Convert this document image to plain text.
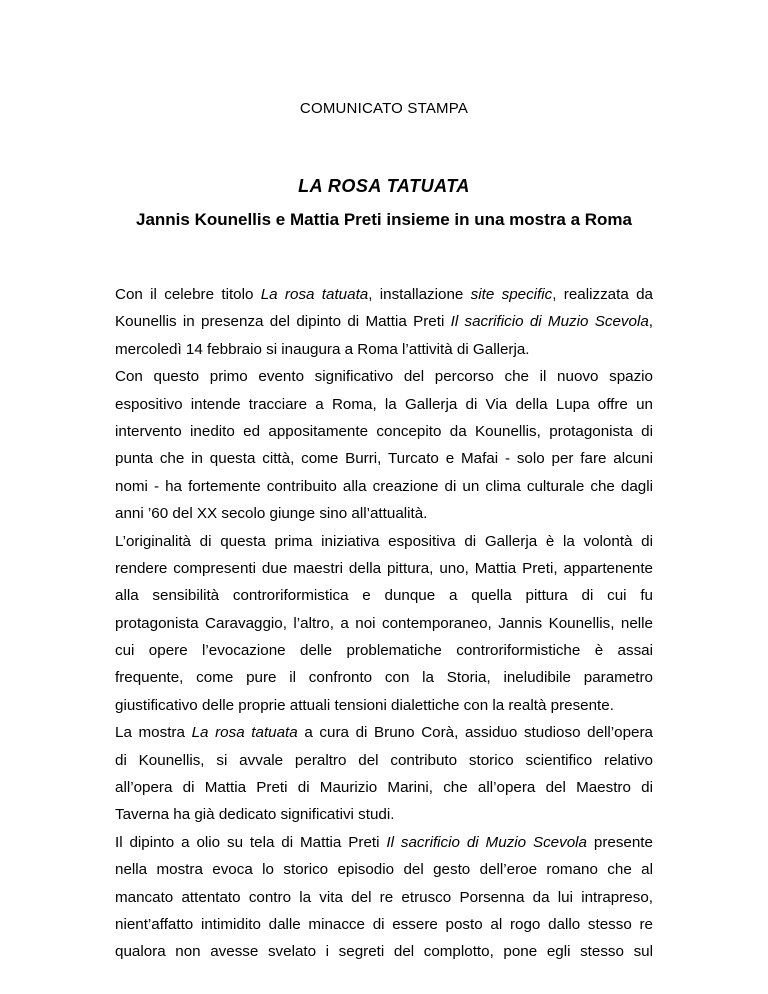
COMUNICATO STAMPA
LA ROSA TATUATA
Jannis Kounellis e Mattia Preti insieme in una mostra a Roma
Con il celebre titolo La rosa tatuata, installazione site specific, realizzata da
Kounellis in presenza del dipinto di Mattia Preti Il sacrificio di Muzio Scevola,
mercoledì 14 febbraio si inaugura a Roma l’attività di Gallerja.
Con questo primo evento significativo del percorso che il nuovo spazio
espositivo intende tracciare a Roma, la Gallerja di Via della Lupa offre un
intervento inedito ed appositamente concepito da Kounellis, protagonista di
punta che in questa città, come Burri, Turcato e Mafai - solo per fare alcuni
nomi - ha fortemente contribuito alla creazione di un clima culturale che dagli
anni ’60 del XX secolo giunge sino all’attualità.
L’originalità di questa prima iniziativa espositiva di Gallerja è la volontà di
rendere compresenti due maestri della pittura, uno, Mattia Preti, appartenente
alla sensibilità controriformistica e dunque a quella pittura di cui fu
protagonista Caravaggio, l’altro, a noi contemporaneo, Jannis Kounellis, nelle
cui opere l’evocazione delle problematiche controriformistiche è assai
frequente, come pure il confronto con la Storia, ineludibile parametro
giustificativo delle proprie attuali tensioni dialettiche con la realtà presente.
La mostra La rosa tatuata a cura di Bruno Corà, assiduo studioso dell’opera
di Kounellis, si avvale peraltro del contributo storico scientifico relativo
all’opera di Mattia Preti di Maurizio Marini, che all’opera del Maestro di
Taverna ha già dedicato significativi studi.
Il dipinto a olio su tela di Mattia Preti Il sacrificio di Muzio Scevola presente
nella mostra evoca lo storico episodio del gesto dell’eroe romano che al
mancato attentato contro la vita del re etrusco Porsenna da lui intrapreso,
nient’affatto intimidito dalle minacce di essere posto al rogo dallo stesso re
qualora non avesse svelato i segreti del complotto, pone egli stesso sul
